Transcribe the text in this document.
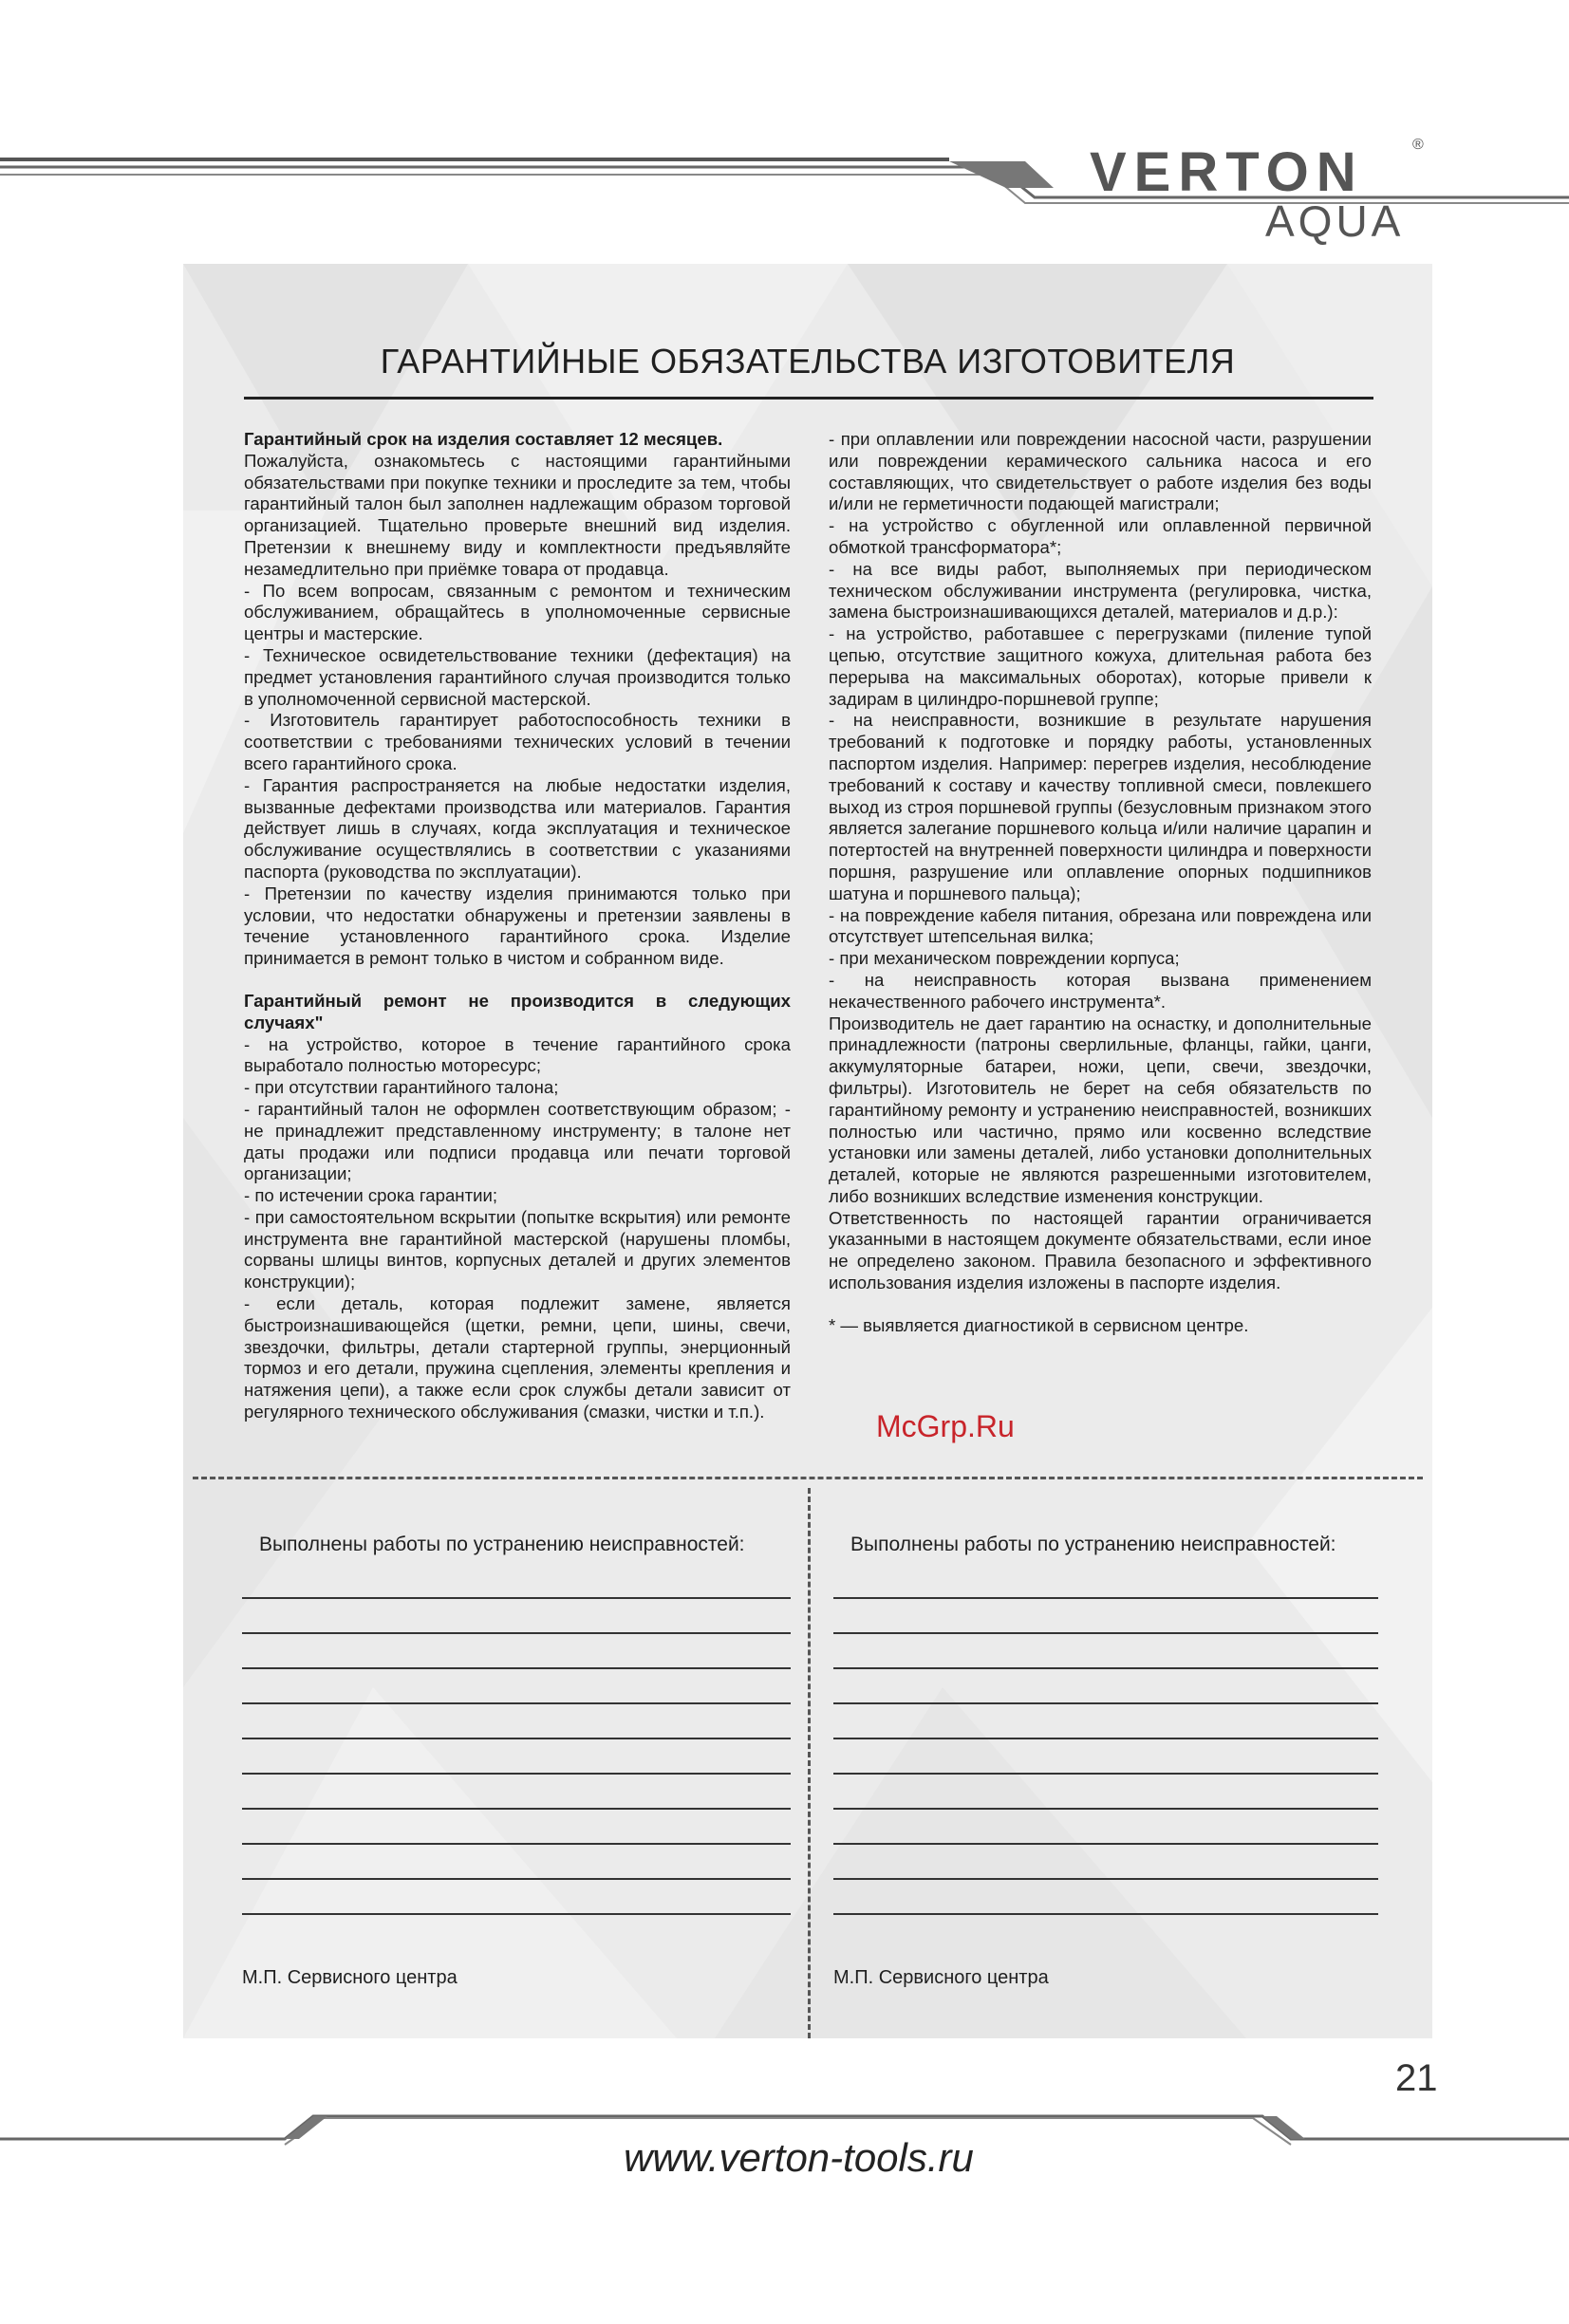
VERTON	®
AQUA
ГАРАНТИЙНЫЕ ОБЯЗАТЕЛЬСТВА ИЗГОТОВИТЕЛЯ

Гарантийный срок на изделия составляет 12 месяцев.

Пожалуйста, ознакомьтесь с настоящими гарантийными обязательствами при покупке техники и проследите за тем, чтобы гарантийный талон был заполнен надлежащим образом торговой организацией. Тщательно проверьте внешний вид изделия. Претензии к внешнему виду и комплектности предъявляйте незамедлительно при приёмке товара от продавца.

- По всем вопросам, связанным с ремонтом и техническим обслуживанием, обращайтесь в уполномоченные сервисные центры и мастерские.

- Техническое освидетельствование техники (дефектация) на предмет установления гарантийного случая производится только в уполномоченной сервисной мастерской.

- Изготовитель гарантирует работоспособность техники в соответствии с требованиями технических условий в течении всего гарантийного срока.

- Гарантия распространяется на любые недостатки изделия, вызванные дефектами производства или материалов. Гарантия действует лишь в случаях, когда эксплуатация и техническое обслуживание осуществлялись в соответствии с указаниями паспорта (руководства по эксплуатации).

- Претензии по качеству изделия принимаются только при условии, что недостатки обнаружены и претензии заявлены в течение установленного гарантийного срока. Изделие принимается в ремонт только в чистом и собранном виде.

Гарантийный ремонт не производится в следующих случаях"

- на устройство, которое в течение гарантийного срока выработало полностью моторесурс;

- при отсутствии гарантийного талона;

- гарантийный талон не оформлен соответствующим образом; - не принадлежит представленному инструменту; в талоне нет даты продажи или подписи продавца или печати торговой организации;

- по истечении срока гарантии;

- при самостоятельном вскрытии (попытке вскрытия) или ремонте инструмента вне гарантийной мастерской (нарушены пломбы, сорваны шлицы винтов, корпусных деталей и других элементов конструкции);

- если деталь, которая подлежит замене, является быстроизнашивающейся (щетки, ремни, цепи, шины, свечи, звездочки, фильтры, детали стартерной группы, энерционный тормоз и его детали, пружина сцепления, элементы крепления и натяжения цепи), а также если срок службы детали зависит от регулярного технического обслуживания (смазки, чистки и т.п.).

- при оплавлении или повреждении насосной части, разрушении или повреждении керамического сальника насоса и его составляющих, что свидетельствует о работе изделия без воды и/или не герметичности подающей магистрали;

- на устройство с обугленной или оплавленной первичной обмоткой трансформатора*;

- на все виды работ, выполняемых при периодическом техническом обслуживании инструмента (регулировка, чистка, замена быстроизнашивающихся деталей, материалов и д.р.):

- на устройство, работавшее с перегрузками (пиление тупой цепью, отсутствие защитного кожуха, длительная работа без перерыва на максимальных оборотах), которые привели к задирам в цилиндро-поршневой группе;

- на неисправности, возникшие в результате нарушения требований к подготовке и порядку работы, установленных паспортом изделия. Например: перегрев изделия, несоблюдение требований к составу и качеству топливной смеси, повлекшего выход из строя поршневой группы (безусловным признаком этого является залегание поршневого кольца и/или наличие царапин и потертостей на внутренней поверхности цилиндра и поверхности поршня, разрушение или оплавление опорных подшипников шатуна и поршневого пальца);

- на повреждение кабеля питания, обрезана или повреждена или отсутствует штепсельная вилка;

- при механическом повреждении корпуса;

- на неисправность которая вызвана применением некачественного рабочего инструмента*.

Производитель не дает гарантию на оснастку, и дополнительные принадлежности (патроны сверлильные, фланцы, гайки, цанги, аккумуляторные батареи, ножи, цепи, свечи, звездочки, фильтры). Изготовитель не берет на себя обязательств по гарантийному ремонту и устранению неисправностей, возникших полностью или частично, прямо или косвенно вследствие установки или замены деталей, либо установки дополнительных деталей, которые не являются разрешенными изготовителем, либо возникших вследствие изменения конструкции.

Ответственность по настоящей гарантии ограничивается указанными в настоящем документе обязательствами, если иное не определено законом. Правила безопасного и эффективного использования изделия изложены в паспорте изделия.

* — выявляется диагностикой в сервисном центре.

McGrp.Ru
Выполнены работы по устранению неисправностей:	Выполнены работы по устранению неисправностей:
М.П. Сервисного центра	М.П. Сервисного центра
21
www.verton-tools.ru
